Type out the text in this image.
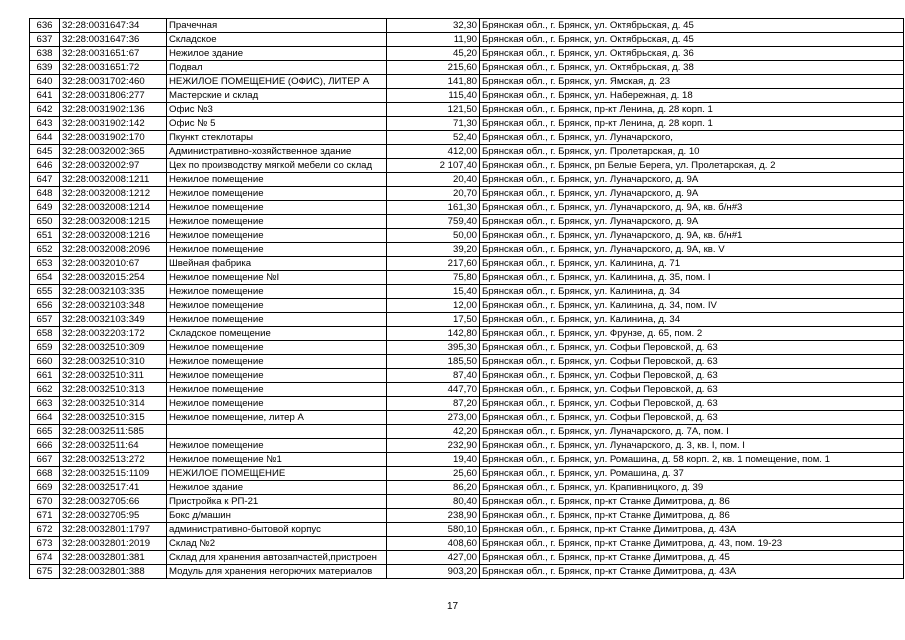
636	32:28:0031647:34	Прачечная	32,30	Брянская обл., г. Брянск, ул. Октябрьская, д. 45
637	32:28:0031647:36	Складское	11,90	Брянская обл., г. Брянск, ул. Октябрьская, д. 45
638	32:28:0031651:67	Нежилое здание	45,20	Брянская обл., г. Брянск, ул. Октябрьская, д. 36
639	32:28:0031651:72	Подвал	215,60	Брянская обл., г. Брянск, ул. Октябрьская, д. 38
640	32:28:0031702:460	НЕЖИЛОЕ ПОМЕЩЕНИЕ (ОФИС), ЛИТЕР А	141,80	Брянская обл., г. Брянск, ул. Ямская, д. 23
641	32:28:0031806:277	Мастерские и склад	115,40	Брянская обл., г. Брянск, ул. Набережная, д. 18
642	32:28:0031902:136	Офис №3	121,50	Брянская обл., г. Брянск, пр-кт Ленина, д. 28 корп. 1
643	32:28:0031902:142	Офис № 5	71,30	Брянская обл., г. Брянск, пр-кт Ленина, д. 28 корп. 1
644	32:28:0031902:170	Пкункт стеклотары	52,40	Брянская обл., г. Брянск, ул. Луначарского,
645	32:28:0032002:365	Административно-хозяйственное здание	412,00	Брянская обл., г. Брянск, ул. Пролетарская, д. 10
646	32:28:0032002:97	Цех по производству мягкой мебели со склад	2 107,40	Брянская обл., г. Брянск, рп Белые Берега, ул. Пролетарская, д. 2
647	32:28:0032008:1211	Нежилое помещение	20,40	Брянская обл., г. Брянск, ул. Луначарского, д. 9А
648	32:28:0032008:1212	Нежилое помещение	20,70	Брянская обл., г. Брянск, ул. Луначарского, д. 9А
649	32:28:0032008:1214	Нежилое помещение	161,30	Брянская обл., г. Брянск, ул. Луначарского, д. 9А, кв. б/н#3
650	32:28:0032008:1215	Нежилое помещение	759,40	Брянская обл., г. Брянск, ул. Луначарского, д. 9А
651	32:28:0032008:1216	Нежилое помещение	50,00	Брянская обл., г. Брянск, ул. Луначарского, д. 9А, кв. б/н#1
652	32:28:0032008:2096	Нежилое помещение	39,20	Брянская обл., г. Брянск, ул. Луначарского, д. 9А, кв. V
653	32:28:0032010:67	Швейная фабрика	217,60	Брянская обл., г. Брянск, ул. Калинина, д. 71
654	32:28:0032015:254	Нежилое помещение №I	75,80	Брянская обл., г. Брянск, ул. Калинина, д. 35, пом. I
655	32:28:0032103:335	Нежилое помещение	15,40	Брянская обл., г. Брянск, ул. Калинина, д. 34
656	32:28:0032103:348	Нежилое помещение	12,00	Брянская обл., г. Брянск, ул. Калинина, д. 34, пом. IV
657	32:28:0032103:349	Нежилое помещение	17,50	Брянская обл., г. Брянск, ул. Калинина, д. 34
658	32:28:0032203:172	Складское помещение	142,80	Брянская обл., г. Брянск, ул. Фрунзе, д. 65, пом. 2
659	32:28:0032510:309	Нежилое помещение	395,30	Брянская обл., г. Брянск, ул. Софьи Перовской, д. 63
660	32:28:0032510:310	Нежилое помещение	185,50	Брянская обл., г. Брянск, ул. Софьи Перовской, д. 63
661	32:28:0032510:311	Нежилое помещение	87,40	Брянская обл., г. Брянск, ул. Софьи Перовской, д. 63
662	32:28:0032510:313	Нежилое помещение	447,70	Брянская обл., г. Брянск, ул. Софьи Перовской, д. 63
663	32:28:0032510:314	Нежилое помещение	87,20	Брянская обл., г. Брянск, ул. Софьи Перовской, д. 63
664	32:28:0032510:315	Нежилое помещение, литер А	273,00	Брянская обл., г. Брянск, ул. Софьи Перовской, д. 63
665	32:28:0032511:585		42,20	Брянская обл., г. Брянск, ул. Луначарского, д. 7А, пом. I
666	32:28:0032511:64	Нежилое помещение	232,90	Брянская обл., г. Брянск, ул. Луначарского, д. 3, кв. I, пом. I
667	32:28:0032513:272	Нежилое помещение №1	19,40	Брянская обл., г. Брянск, ул. Ромашина, д. 58 корп. 2, кв. 1 помещение, пом. 1
668	32:28:0032515:1109	НЕЖИЛОЕ ПОМЕЩЕНИЕ	25,60	Брянская обл., г. Брянск, ул. Ромашина, д. 37
669	32:28:0032517:41	Нежилое здание	86,20	Брянская обл., г. Брянск, ул. Крапивницкого, д. 39
670	32:28:0032705:66	Пристройка к РП-21	80,40	Брянская обл., г. Брянск, пр-кт Станке Димитрова, д. 86
671	32:28:0032705:95	Бокс д/машин	238,90	Брянская обл., г. Брянск, пр-кт Станке Димитрова, д. 86
672	32:28:0032801:1797	административно-бытовой корпус	580,10	Брянская обл., г. Брянск, пр-кт Станке Димитрова, д. 43А
673	32:28:0032801:2019	Склад №2	408,60	Брянская обл., г. Брянск, пр-кт Станке Димитрова, д. 43, пом. 19-23
674	32:28:0032801:381	Склад для хранения автозапчастей,пристроен	427,00	Брянская обл., г. Брянск, пр-кт Станке Димитрова, д. 45
675	32:28:0032801:388	Модуль для хранения негорючих материалов	903,20	Брянская обл., г. Брянск, пр-кт Станке Димитрова, д. 43А
17
